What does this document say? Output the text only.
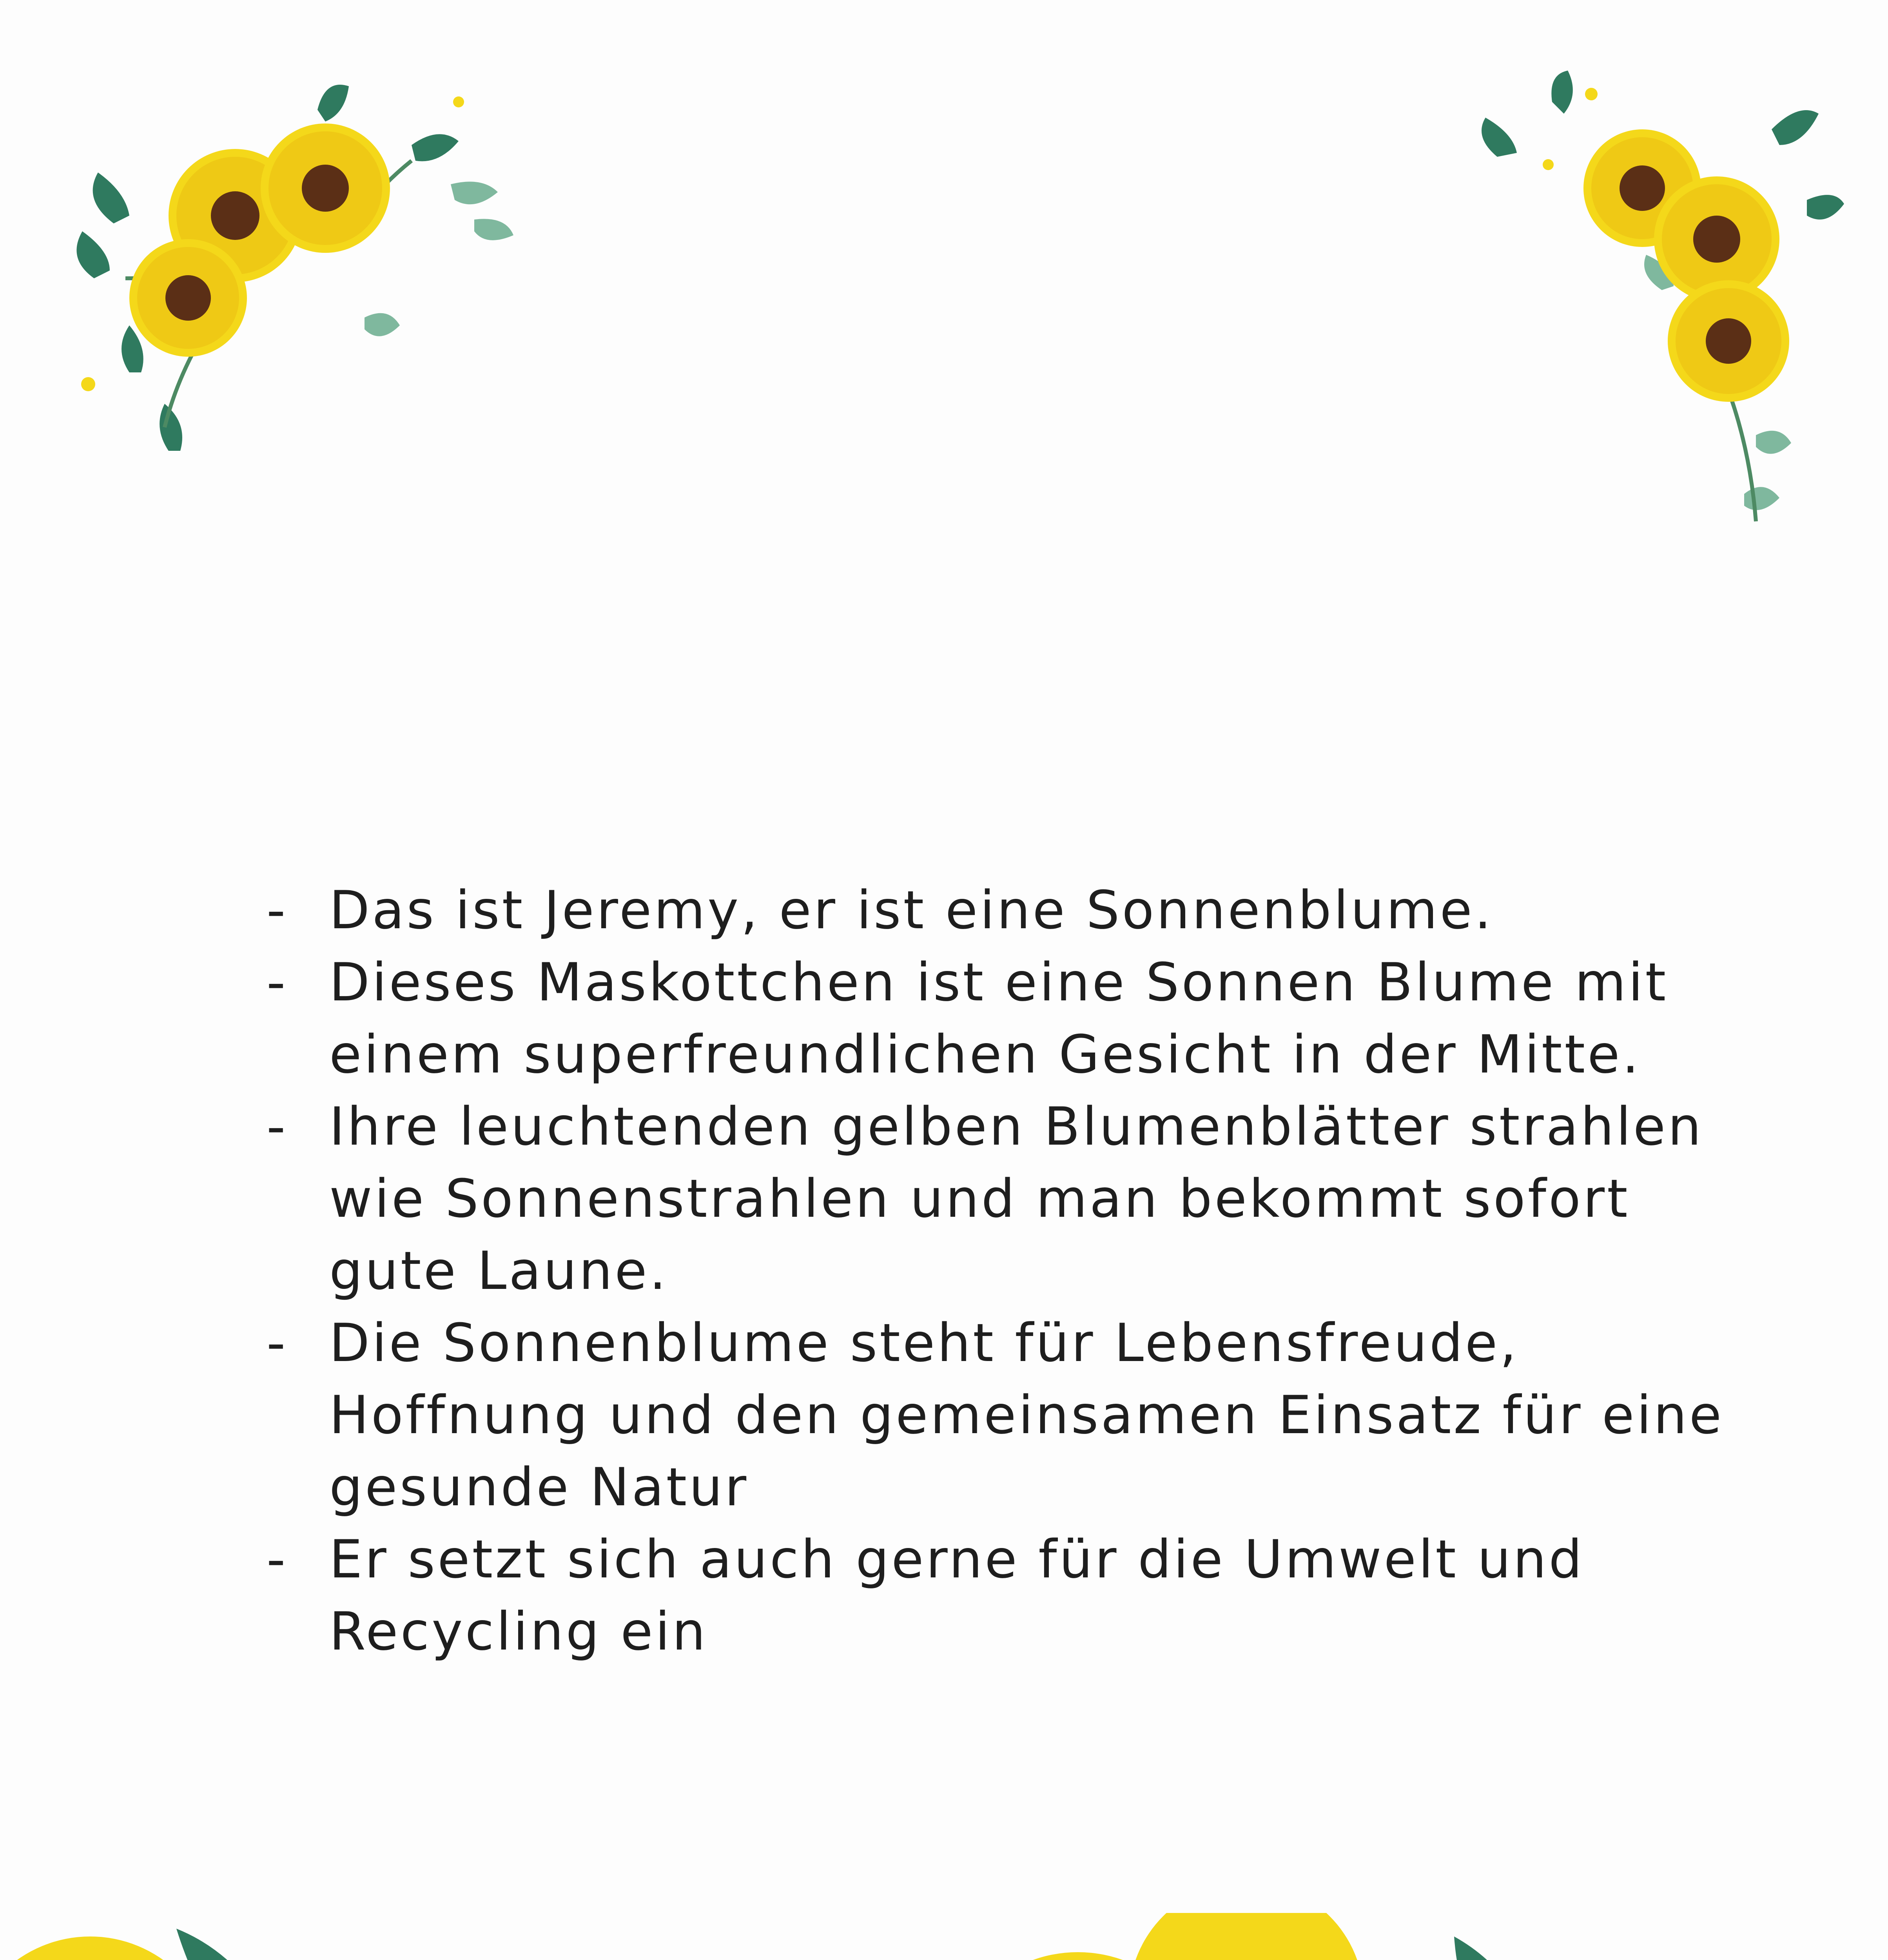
- Das ist Jeremy, er ist eine Sonnenblume.
- Dieses Maskottchen ist eine Sonnen Blume mit einem superfreundlichen Gesicht in der Mitte.
- Ihre leuchtenden gelben Blumenblätter strahlen wie Sonnenstrahlen und man bekommt sofort gute Laune.
- Die Sonnenblume steht für Lebensfreude, Hoffnung und den gemeinsamen Einsatz für eine gesunde Natur
- Er setzt sich auch gerne für die Umwelt und Recycling ein
